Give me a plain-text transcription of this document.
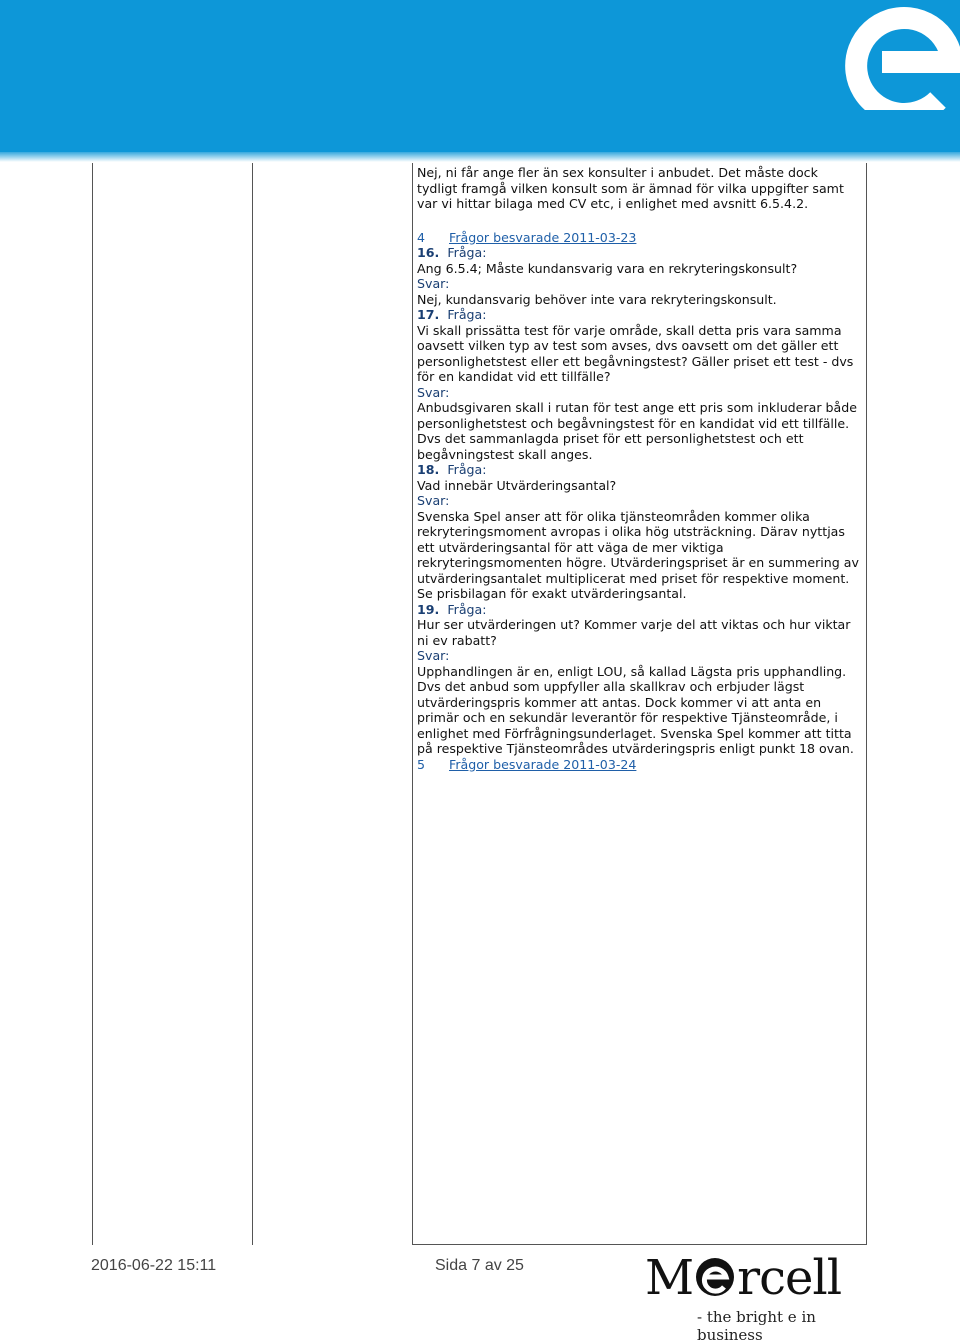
Nej, ni får ange fler än sex konsulter i anbudet. Det måste dock tydligt framgå vilken konsult som är ämnad för vilka uppgifter samt var vi hittar bilaga med CV etc, i enlighet med avsnitt 6.5.4.2.

4 Frågor besvarade 2011-03-23

16. Fråga:

Ang 6.5.4; Måste kundansvarig vara en rekryteringskonsult?

Svar:

Nej, kundansvarig behöver inte vara rekryteringskonsult.

17. Fråga:

Vi skall prissätta test för varje område, skall detta pris vara samma oavsett vilken typ av test som avses, dvs oavsett om det gäller ett personlighetstest eller ett begåvningstest? Gäller priset ett test - dvs för en kandidat vid ett tillfälle?

Svar:

Anbudsgivaren skall i rutan för test ange ett pris som inkluderar både personlighetstest och begåvningstest för en kandidat vid ett tillfälle. Dvs det sammanlagda priset för ett personlighetstest och ett begåvningstest skall anges.

18. Fråga:

Vad innebär Utvärderingsantal?

Svar:

Svenska Spel anser att för olika tjänsteområden kommer olika rekryteringsmoment avropas i olika hög utsträckning. Därav nyttjas ett utvärderingsantal för att väga de mer viktiga rekryteringsmomenten högre. Utvärderingspriset är en summering av utvärderingsantalet multiplicerat med priset för respektive moment. Se prisbilagan för exakt utvärderingsantal.

19. Fråga:

Hur ser utvärderingen ut? Kommer varje del att viktas och hur viktar ni ev rabatt?

Svar:

Upphandlingen är en, enligt LOU, så kallad Lägsta pris upphandling. Dvs det anbud som uppfyller alla skallkrav och erbjuder lägst utvärderingspris kommer att antas. Dock kommer vi att anta en primär och en sekundär leverantör för respektive Tjänsteområde, i enlighet med Förfrågningsunderlaget. Svenska Spel kommer att titta på respektive Tjänsteområdes utvärderingspris enligt punkt 18 ovan.

5 Frågor besvarade 2011-03-24

2016-06-22 15:11	Sida 7 av 25	M rcell
- the bright e in business
